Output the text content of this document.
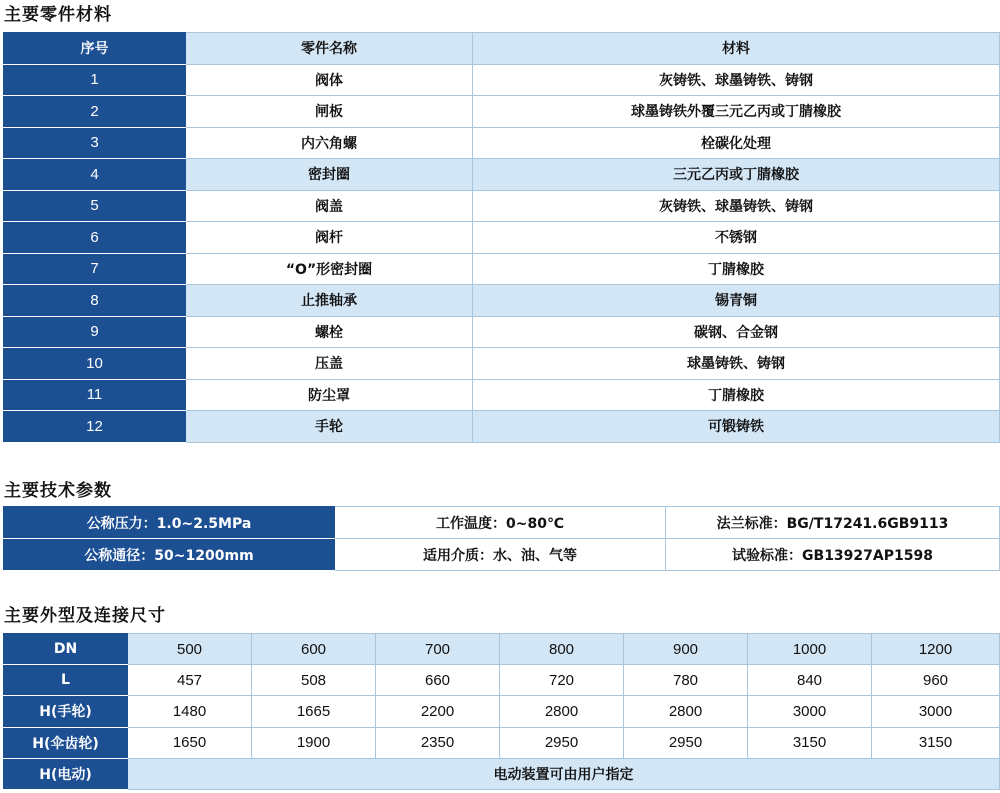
主要零件材料
序号	零件名称	材料
1	阀体	灰铸铁、球墨铸铁、铸钢
2	闸板	球墨铸铁外覆三元乙丙或丁腈橡胶
3	内六角螺	栓碳化处理
4	密封圈	三元乙丙或丁腈橡胶
5	阀盖	灰铸铁、球墨铸铁、铸钢
6	阀杆	不锈钢
7	“O”形密封圈	丁腈橡胶
8	止推轴承	锡青铜
9	螺栓	碳钢、合金钢
10	压盖	球墨铸铁、铸钢
11	防尘罩	丁腈橡胶
12	手轮	可锻铸铁
主要技术参数
公称压力：1.0~2.5MPa	工作温度：0~80℃	法兰标准：BG/T17241.6GB9113
公称通径：50~1200mm	适用介质：水、油、气等	试验标准：GB13927AP1598
主要外型及连接尺寸
DN	500	600	700	800	900	1000	1200
L	457	508	660	720	780	840	960
H(手轮)	1480	1665	2200	2800	2800	3000	3000
H(伞齿轮)	1650	1900	2350	2950	2950	3150	3150
H(电动)	电动装置可由用户指定						
